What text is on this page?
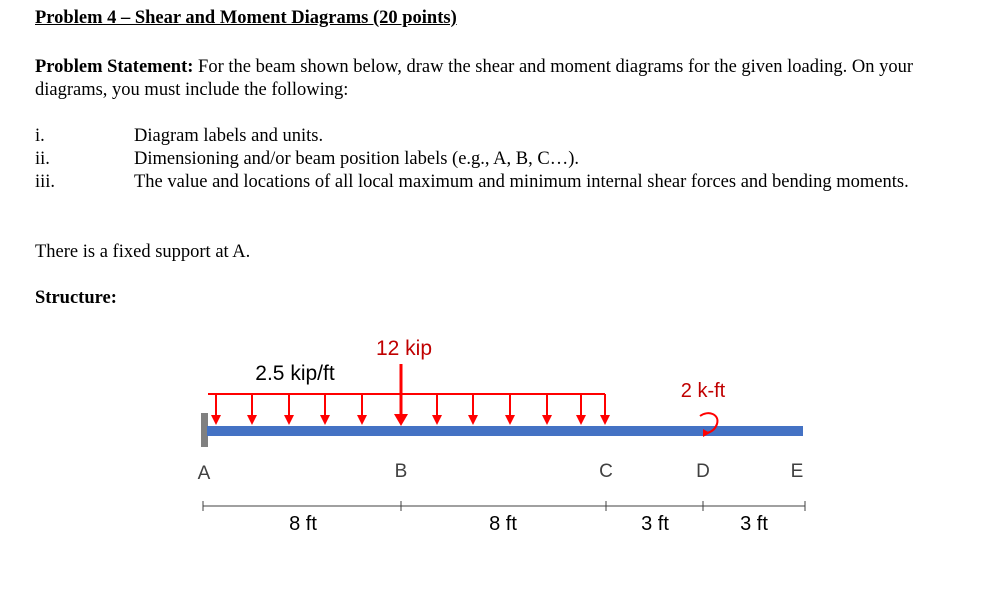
Problem 4 – Shear and Moment Diagrams (20 points)
Problem Statement: For the beam shown below, draw the shear and moment diagrams for the given loading. On your diagrams, you must include the following:
i.	Diagram labels and units.
ii.	Dimensioning and/or beam position labels (e.g., A, B, C…).
iii.	The value and locations of all local maximum and minimum internal shear forces and bending moments.
There is a fixed support at A.
Structure:
2.5 kip/ft
12 kip
2 k-ft
A	B	C	D	E
8 ft	8 ft	3 ft	3 ft
